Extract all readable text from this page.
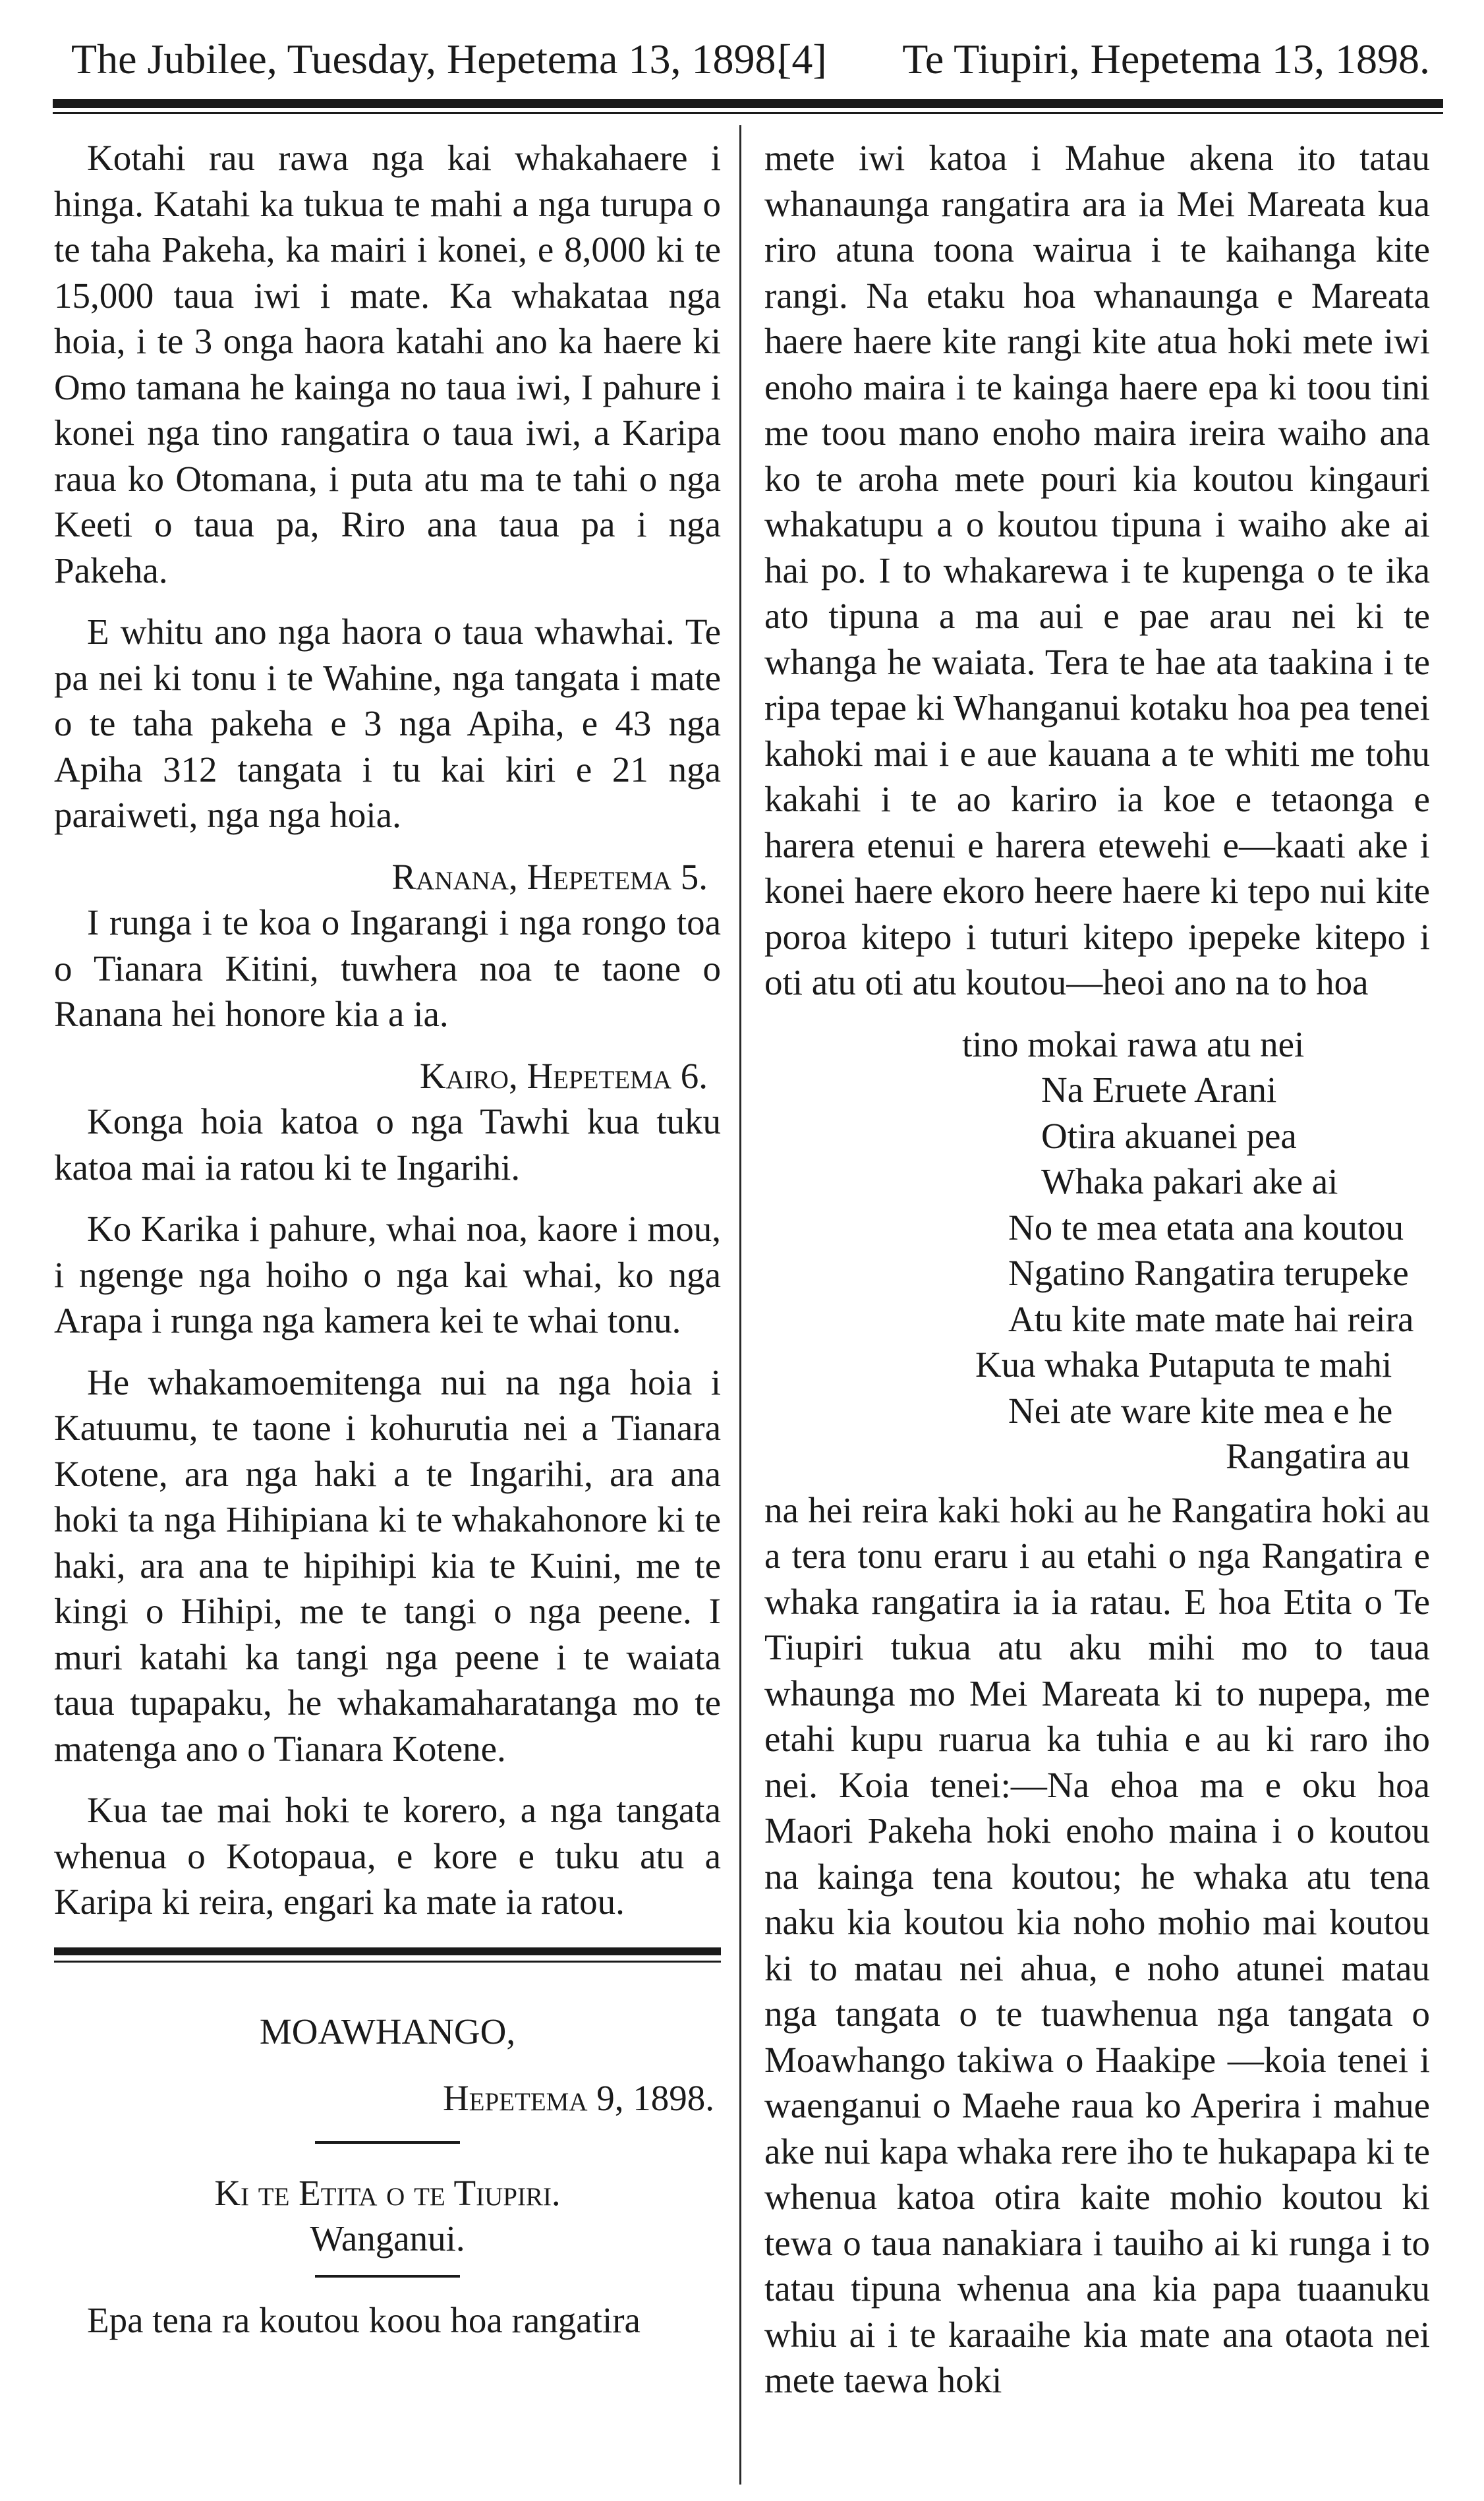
The Jubilee, Tuesday, Hepetema 13, 1898.
[4] Te Tiupiri, Hepetema 13, 1898.

Kotahi rau rawa nga kai whakahaere i hinga. Katahi ka tukua te mahi a nga turupa o te taha Pakeha, ka mairi i konei, e 8,000 ki te 15,000 taua iwi i mate. Ka whakataa nga hoia, i te 3 onga haora katahi ano ka haere ki Omo tamana he kainga no taua iwi, I pahure i konei nga tino rangatira o taua iwi, a Karipa raua ko Otomana, i puta atu ma te tahi o nga Keeti o taua pa, Riro ana taua pa i nga Pakeha.

E whitu ano nga haora o taua whawhai. Te pa nei ki tonu i te Wahine, nga tangata i mate o te taha pakeha e 3 nga Apiha, e 43 nga Apiha 312 tangata i tu kai kiri e 21 nga paraiweti, nga nga hoia.

Ranana, Hepetema 5.

I runga i te koa o Ingarangi i nga rongo toa o Tianara Kitini, tuwhera noa te taone o Ranana hei honore kia a ia.

Kairo, Hepetema 6.

Konga hoia katoa o nga Tawhi kua tuku katoa mai ia ratou ki te Ingarihi.

Ko Karika i pahure, whai noa, kaore i mou, i ngenge nga hoiho o nga kai whai, ko nga Arapa i runga nga kamera kei te whai tonu.

He whakamoemitenga nui na nga hoia i Katuumu, te taone i kohurutia nei a Tianara Kotene, ara nga haki a te Ingarihi, ara ana hoki ta nga Hihipiana ki te whakahonore ki te haki, ara ana te hipihipi kia te Kuini, me te kingi o Hihipi, me te tangi o nga peene. I muri katahi ka tangi nga peene i te waiata taua tupapaku, he whakamaharatanga mo te matenga ano o Tianara Kotene.

Kua tae mai hoki te korero, a nga tangata whenua o Kotopaua, e kore e tuku atu a Karipa ki reira, engari ka mate ia ratou.

MOAWHANGO,
Hepetema 9, 1898.
Ki te Etita o te Tiupiri.
Wanganui.

Epa tena ra koutou koou hoa rangatira

mete iwi katoa i Mahue akena ito tatau whanaunga rangatira ara ia Mei Mareata kua riro atuna toona wairua i te kaihanga kite rangi. Na etaku hoa whanaunga e Mareata haere haere kite rangi kite atua hoki mete iwi enoho maira i te kainga haere epa ki toou tini me toou mano enoho maira ireira waiho ana ko te aroha mete pouri kia koutou kingauri whakatupu a o koutou tipuna i waiho ake ai hai po. I to whakarewa i te kupenga o te ika ato tipuna a ma aui e pae arau nei ki te whanga he waiata. Tera te hae ata taakina i te ripa tepae ki Whanganui kotaku hoa pea tenei kahoki mai i e aue kauana a te whiti me tohu kakahi i te ao kariro ia koe e tetaonga e harera etenui e harera etewehi e—kaati ake i konei haere ekoro heere haere ki tepo nui kite poroa kitepo i tuturi kitepo ipepeke kitepo i oti atu oti atu koutou—heoi ano na to hoa

tino mokai rawa atu nei
Na Eruete Arani
Otira akuanei pea
Whaka pakari ake ai
No te mea etata ana koutou
Ngatino Rangatira terupeke
Atu kite mate mate hai reira
Kua whaka Putaputa te mahi
Nei ate ware kite mea e he
Rangatira au

na hei reira kaki hoki au he Rangatira hoki au a tera tonu eraru i au etahi o nga Rangatira e whaka rangatira ia ia ratau. E hoa Etita o Te Tiupiri tukua atu aku mihi mo to taua whaunga mo Mei Mareata ki to nupepa, me etahi kupu ruarua ka tuhia e au ki raro iho nei. Koia tenei:—Na ehoa ma e oku hoa Maori Pakeha hoki enoho maina i o koutou na kainga tena koutou; he whaka atu tena naku kia koutou kia noho mohio mai koutou ki to matau nei ahua, e noho atunei matau nga tangata o te tuawhenua nga tangata o Moawhango takiwa o Haakipe —koia tenei i waenganui o Maehe raua ko Aperira i mahue ake nui kapa whaka rere iho te hukapapa ki te whenua katoa otira kaite mohio koutou ki tewa o taua nanakiara i tauiho ai ki runga i to tatau tipuna whenua ana kia papa tuaanuku whiu ai i te karaaihe kia mate ana otaota nei mete taewa hoki
